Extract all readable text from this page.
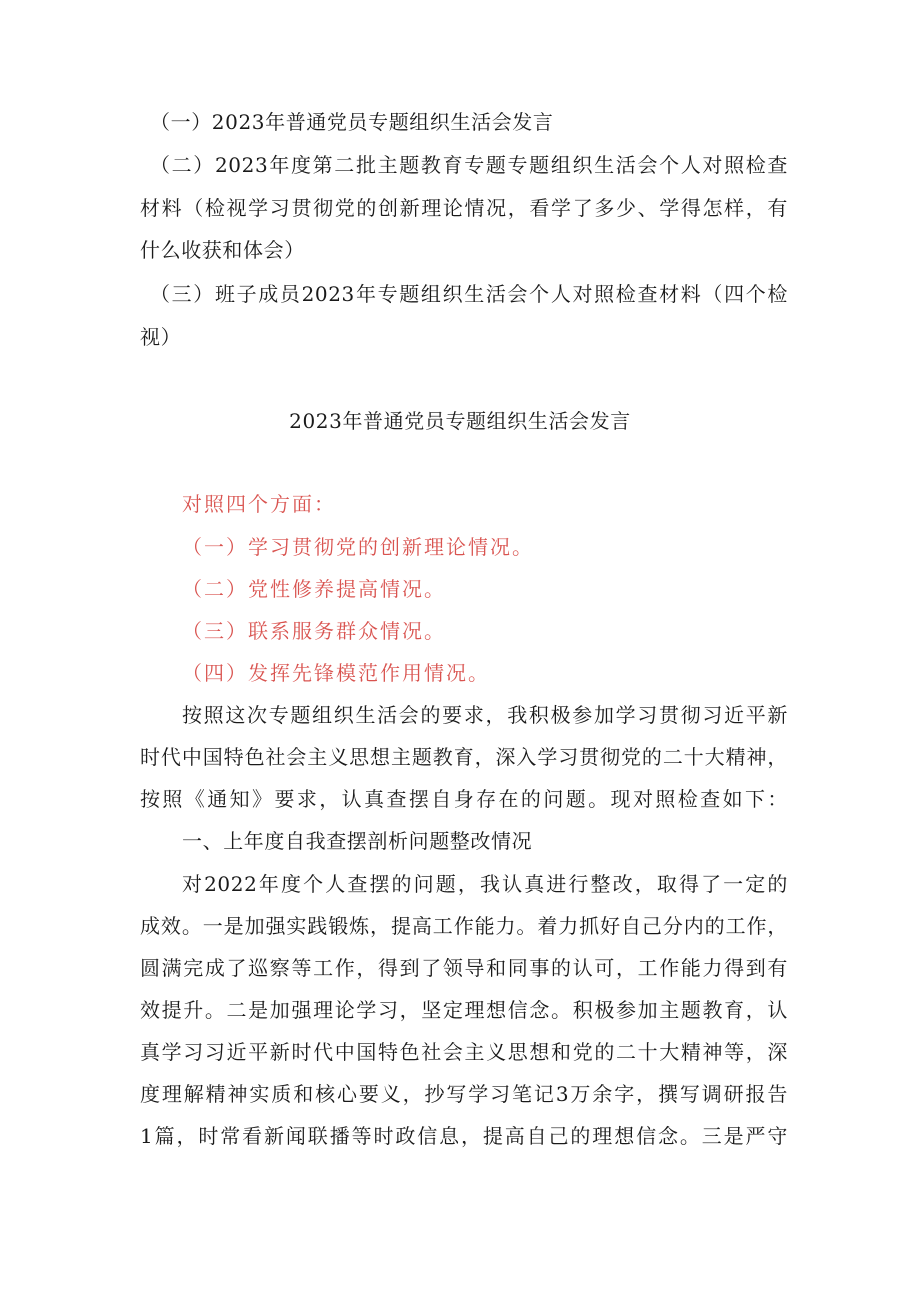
（一）2023年普通党员专题组织生活会发言
（二）2023年度第二批主题教育专题专题组织生活会个人对照检查
材料（检视学习贯彻党的创新理论情况，看学了多少、学得怎样，有
什么收获和体会）
（三）班子成员2023年专题组织生活会个人对照检查材料（四个检
视）
2023年普通党员专题组织生活会发言
对照四个方面：
（一）学习贯彻党的创新理论情况。
（二）党性修养提高情况。
（三）联系服务群众情况。
（四）发挥先锋模范作用情况。
按照这次专题组织生活会的要求，我积极参加学习贯彻习近平新
时代中国特色社会主义思想主题教育，深入学习贯彻党的二十大精神，
按照《通知》要求，认真查摆自身存在的问题。现对照检查如下：
一、上年度自我查摆剖析问题整改情况
对2022年度个人查摆的问题，我认真进行整改，取得了一定的
成效。一是加强实践锻炼，提高工作能力。着力抓好自己分内的工作，
圆满完成了巡察等工作，得到了领导和同事的认可，工作能力得到有
效提升。二是加强理论学习，坚定理想信念。积极参加主题教育，认
真学习习近平新时代中国特色社会主义思想和党的二十大精神等，深
度理解精神实质和核心要义，抄写学习笔记3万余字，撰写调研报告
1篇，时常看新闻联播等时政信息，提高自己的理想信念。三是严守
